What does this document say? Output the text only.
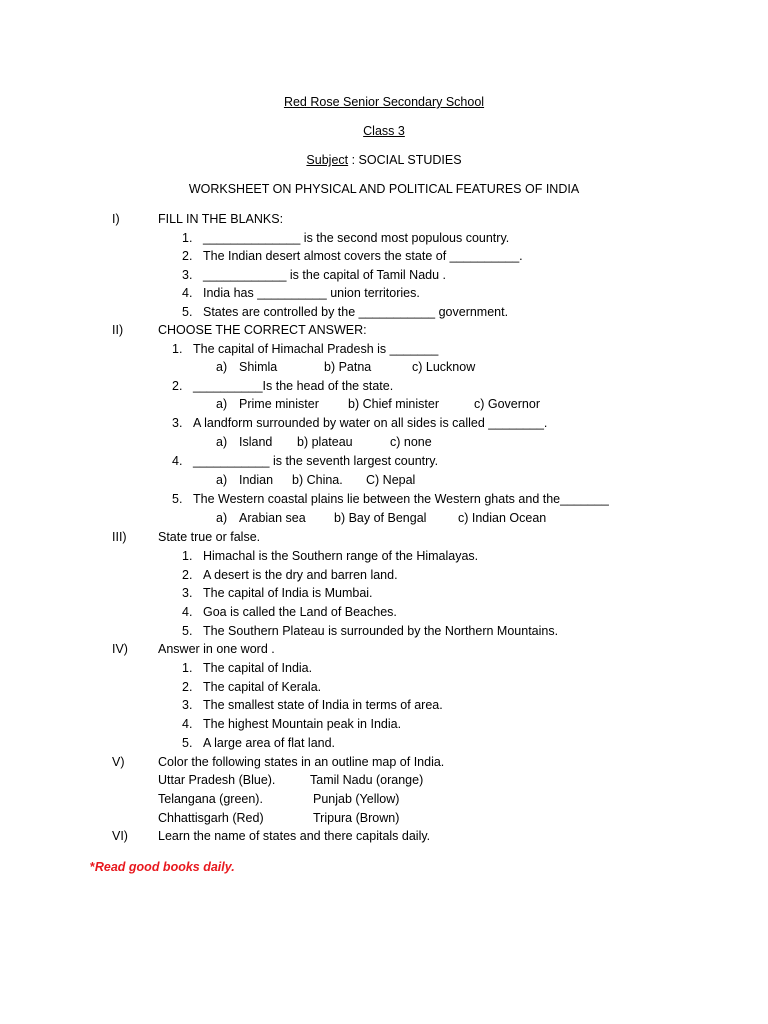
Red Rose Senior Secondary School
Class 3
Subject : SOCIAL STUDIES
WORKSHEET ON PHYSICAL AND POLITICAL FEATURES OF INDIA
I)	FILL IN THE BLANKS:
1. ______________ is the second most populous country.
2. The Indian desert almost covers the state of __________.
3. ____________ is the capital of Tamil Nadu .
4. India has __________ union territories.
5. States are controlled by the ___________ government.
II)	CHOOSE THE CORRECT ANSWER:
1. The capital of Himachal Pradesh is _______
a) Shimla	b) Patna	c) Lucknow
2. __________Is the head of the state.
a) Prime minister b) Chief minister	c) Governor
3. A landform surrounded by water on all sides is called ________.
a) Island b) plateau	c) none
4. ___________ is the seventh largest country.
a) Indian b) China. C) Nepal
5. The Western coastal plains lie between the Western ghats and the_______
a) Arabian sea b) Bay of Bengal	c) Indian Ocean
III)	State true or false.
1. Himachal is the Southern range of the Himalayas.
2. A desert is the dry and barren land.
3. The capital of India is Mumbai.
4. Goa is called the Land of Beaches.
5. The Southern Plateau is surrounded by the Northern Mountains.
IV) Answer in one word .
1. The capital of India.
2. The capital of Kerala.
3. The smallest state of India in terms of area.
4. The highest Mountain peak in India.
5. A large area of flat land.
V)	Color the following states in an outline map of India.
Uttar Pradesh (Blue).	Tamil Nadu (orange)
Telangana (green).	Punjab (Yellow)
Chhattisgarh (Red)	Tripura (Brown)
VI) Learn the name of states and there capitals daily.
*Read good books daily.
